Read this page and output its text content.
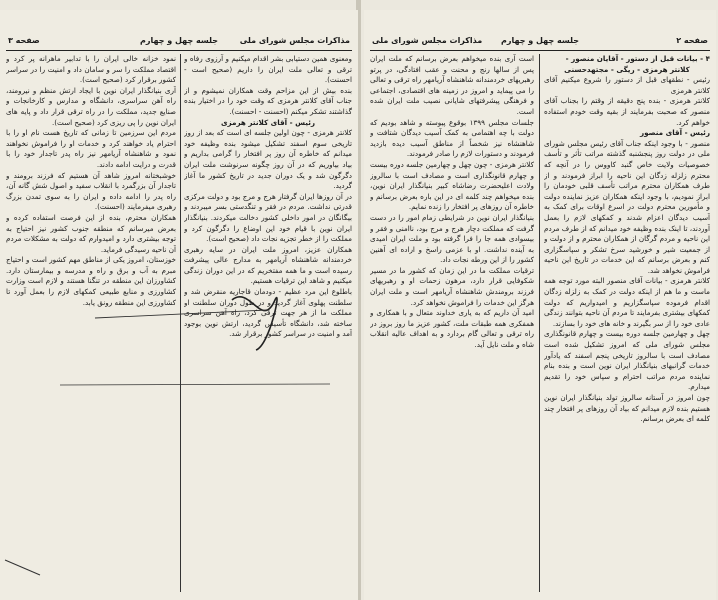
صفحه ۲
جلسه چهل و چهارم
مذاکرات مجلس شورای ملی

۴ - بیانات قبل از دستور - آقایان منصور -

کلانتر هرمزی - ریگی - مجتهدحسنی

رئیس - نطقهای قبل از دستور را شروع میکنیم آقای کلانتر هرمزی

کلانتر هرمزی - بنده پنج دقیقه از وقتم را بجناب آقای منصور که صحبت بفرمایند از بقیه وقت خودم استفاده خواهم کرد.

رئیس - آقای منصور

منصور - با وجود اینکه جناب آقای رئیس مجلس شورای ملی در دولت روز پنجشنبه گذشته مراتب تأثر و تأسف خصوصیات ولایت خاص گنبد کاووس را در آنچه که محترم زلزله زدگان این ناحیه را ابراز فرمودند و از طرف همکاران محترم مراتب تأسف قلبی خودمان را ابراز نمودیم، با وجود اینکه همکاران عزیز نماینده دولت و مأمورین محترم دولت در اسرع اوقات برای کمک به آسیب دیدگان اعزام شدند و کمکهای لازم را بعمل آوردند، تا اینک بنده وظیفه خود میدانم که از طرف مردم این ناحیه و مردم گرگان از همکاران محترم و از دولت و از جمعیت شیر و خورشید سرخ تشکر و سپاسگزاری کنم و بعرض برسانم که این خدمات در تاریخ این ناحیه فراموش نخواهد شد.

کلانتر هرمزی - بیانات آقای منصور البته مورد توجه همه ماست و ما هم از اینکه دولت در کمک به زلزله زدگان اقدام فرموده سپاسگزاریم و امیدواریم که دولت کمکهای بیشتری بفرمایند تا مردم آن ناحیه بتوانند زندگی عادی خود را از سر بگیرند و خانه های خود را بسازند.

چهل و چهارمین جلسه دوره بیست و چهارم قانونگذاری مجلس شورای ملی که امروز تشکیل شده است مصادف است با سالروز تاریخی پنجم اسفند که یادآور خدمات گرانبهای بنیانگذار ایران نوین است و بنده بنام نماینده مردم مراتب احترام و سپاس خود را تقدیم میدارم.

چون امروز در آستانه سالروز تولد بنیانگذار ایران نوین هستیم بنده لازم میدانم که بیاد آن روزهای پر افتخار چند کلمه ای بعرض برسانم.

است آری بنده میخواهم بعرض برسانم که ملت ایران پس از سالها رنج و محنت و عقب افتادگی، در پرتو رهبریهای خردمندانه شاهنشاه آریامهر راه ترقی و تعالی را می پیماید و امروز در زمینه های اقتصادی، اجتماعی و فرهنگی پیشرفتهای شایانی نصیب ملت ایران شده است.

جلسات مجلس ۱۳۹۹ بوقوع پیوسته و شاهد بودیم که دولت با چه اهتمامی به کمک آسیب دیدگان شتافت و شاهنشاه نیز شخصاً از مناطق آسیب دیده بازدید فرمودند و دستورات لازم را صادر فرمودند.

کلانتر هرمزی - چون چهل و چهارمین جلسه دوره بیست و چهارم قانونگذاری است و مصادف است با سالروز ولادت اعلیحضرت رضاشاه کبیر بنیانگذار ایران نوین، بنده میخواهم چند کلمه ای در این باره بعرض برسانم و خاطره آن روزهای پر افتخار را زنده نمایم.

بنیانگذار ایران نوین در شرایطی زمام امور را در دست گرفت که مملکت دچار هرج و مرج بود، ناامنی و فقر و بیسوادی همه جا را فرا گرفته بود و ملت ایران امیدی به آینده نداشت. او با عزمی راسخ و اراده ای آهنین کشور را از این ورطه نجات داد.

ترقیات مملکت ما در این زمان که کشور ما در مسیر شکوفایی قرار دارد، مرهون زحمات او و رهبریهای فرزند برومندش شاهنشاه آریامهر است و ملت ایران هرگز این خدمات را فراموش نخواهد کرد.

امید آن داریم که به یاری خداوند متعال و با همکاری و همفکری همه طبقات ملت، کشور عزیز ما روز بروز در راه ترقی و تعالی گام بردارد و به اهداف عالیه انقلاب شاه و ملت نایل آید.

صفحه ۳	جلسه چهل و چهارم	مذاکرات مجلس شورای ملی

ومعنوی همین دستیابی بشر اقدام میکنیم و آرزوی رفاه و ترقی و تعالی ملت ایران را داریم (صحیح است - احسنت).

بنده بیش از این مزاحم وقت همکاران نمیشوم و از جناب آقای کلانتر هرمزی که وقت خود را در اختیار بنده گذاشتند تشکر میکنم (احسنت - احسنت).

رئیس - آقای کلانتر هرمزی

کلانتر هرمزی - چون اولین جلسه ای است که بعد از روز تاریخی سوم اسفند تشکیل میشود بنده وظیفه خود میدانم که خاطره آن روز پر افتخار را گرامی بداریم و بیاد بیاوریم که در آن روز چگونه سرنوشت ملت ایران دگرگون شد و یک دوران جدید در تاریخ کشور ما آغاز گردید.

در آن روزها ایران گرفتار هرج و مرج بود و دولت مرکزی قدرتی نداشت. مردم در فقر و تنگدستی بسر میبردند و بیگانگان در امور داخلی کشور دخالت میکردند. بنیانگذار ایران نوین با قیام خود این اوضاع را دگرگون کرد و مملکت را از خطر تجزیه نجات داد (صحیح است).

همکاران عزیز، امروز ملت ایران در سایه رهبری خردمندانه شاهنشاه آریامهر به مدارج عالی پیشرفت رسیده است و ما همه مفتخریم که در این دوران زندگی میکنیم و شاهد این ترقیات هستیم.

باطلوع این مرد عظیم - دودمان قاجاریه منقرض شد و سلطنت پهلوی آغاز گردید و در طول دوران سلطنت او مملکت ما از هر جهت ترقی کرد، راه آهن سراسری ساخته شد، دانشگاه تأسیس گردید، ارتش نوین بوجود آمد و امنیت در سراسر کشور برقرار شد.

نمود خزانه خالی ایران را با تدابیر ماهرانه پر کرد و اقتصاد مملکت را سر و سامان داد و امنیت را در سراسر کشور برقرار کرد (صحیح است).

آری بنیانگذار ایران نوین با ایجاد ارتش منظم و نیرومند، راه آهن سراسری، دانشگاه و مدارس و کارخانجات و صنایع جدید، مملکت را در راه ترقی قرار داد و پایه های ایران نوین را پی ریزی کرد (صحیح است).

مردم این سرزمین تا زمانی که تاریخ هست نام او را با احترام یاد خواهند کرد و خدمات او را فراموش نخواهند نمود و شاهنشاه آریامهر نیز راه پدر تاجدار خود را با قدرت و درایت ادامه دادند.

خوشبختانه امروز شاهد آن هستیم که فرزند برومند و تاجدار آن بزرگمرد با انقلاب سفید و اصول شش گانه آن، راه پدر را ادامه داده و ایران را به سوی تمدن بزرگ رهبری میفرمایند (احسنت).

همکاران محترم، بنده از این فرصت استفاده کرده و بعرض میرسانم که منطقه جنوب کشور نیز احتیاج به توجه بیشتری دارد و امیدوارم که دولت به مشکلات مردم آن ناحیه رسیدگی فرماید.

خوزستان، امروز یکی از مناطق مهم کشور است و احتیاج مبرم به آب و برق و راه و مدرسه و بیمارستان دارد. کشاورزان این منطقه در تنگنا هستند و لازم است وزارت کشاورزی و منابع طبیعی کمکهای لازم را بعمل آورد تا کشاورزی این منطقه رونق یابد.
